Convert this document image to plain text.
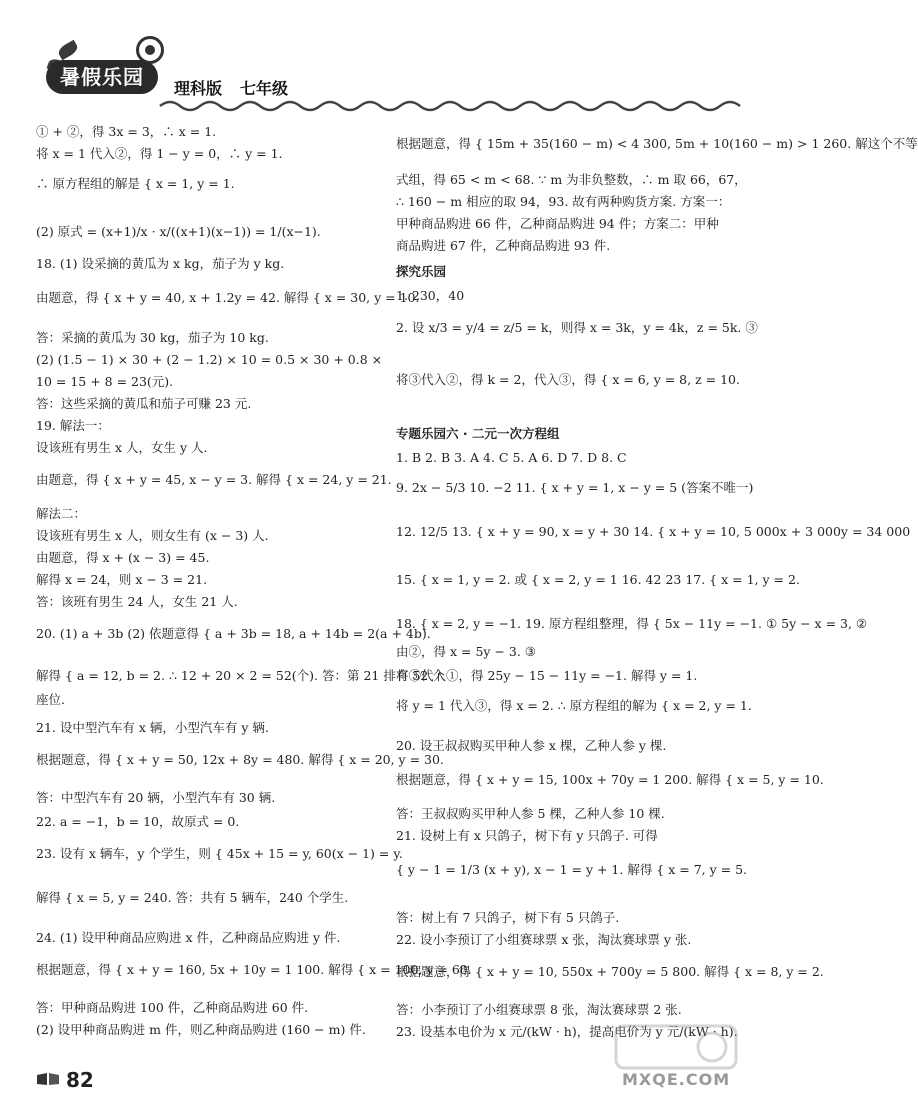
暑假乐园	理科版 七年级
① + ②，得 3x = 3，∴ x = 1.
将 x = 1 代入②，得 1 − y = 0，∴ y = 1.
∴ 原方程组的解是 { x = 1, y = 1.
(2) 原式 = (x+1)/x · x/((x+1)(x−1)) = 1/(x−1).
18. (1) 设采摘的黄瓜为 x kg，茄子为 y kg.
由题意，得 { x + y = 40, x + 1.2y = 42. 解得 { x = 30, y = 10.
答：采摘的黄瓜为 30 kg，茄子为 10 kg.
(2) (1.5 − 1) × 30 + (2 − 1.2) × 10 = 0.5 × 30 + 0.8 ×
10 = 15 + 8 = 23(元).
答：这些采摘的黄瓜和茄子可赚 23 元.
19. 解法一：
设该班有男生 x 人，女生 y 人.
由题意，得 { x + y = 45, x − y = 3. 解得 { x = 24, y = 21.
解法二：
设该班有男生 x 人，则女生有 (x − 3) 人.
由题意，得 x + (x − 3) = 45.
解得 x = 24，则 x − 3 = 21.
答：该班有男生 24 人，女生 21 人.
20. (1) a + 3b (2) 依题意得 { a + 3b = 18, a + 14b = 2(a + 4b).
解得 { a = 12, b = 2. ∴ 12 + 20 × 2 = 52(个). 答：第 21 排有 52 个
座位.
21. 设中型汽车有 x 辆，小型汽车有 y 辆.
根据题意，得 { x + y = 50, 12x + 8y = 480. 解得 { x = 20, y = 30.
答：中型汽车有 20 辆，小型汽车有 30 辆.
22. a = −1，b = 10，故原式 = 0.
23. 设有 x 辆车，y 个学生，则 { 45x + 15 = y, 60(x − 1) = y.
解得 { x = 5, y = 240. 答：共有 5 辆车，240 个学生.
24. (1) 设甲种商品应购进 x 件，乙种商品应购进 y 件.
根据题意，得 { x + y = 160, 5x + 10y = 1 100. 解得 { x = 100, y = 60.
答：甲种商品购进 100 件，乙种商品购进 60 件.
(2) 设甲种商品购进 m 件，则乙种商品购进 (160 − m) 件.
根据题意，得 { 15m + 35(160 − m) < 4 300, 5m + 10(160 − m) > 1 260. 解这个不等
式组，得 65 < m < 68. ∵ m 为非负整数，∴ m 取 66，67，
∴ 160 − m 相应的取 94，93. 故有两种购货方案. 方案一：
甲种商品购进 66 件，乙种商品购进 94 件；方案二：甲种
商品购进 67 件，乙种商品购进 93 件.
探究乐园
1. 230，40
2. 设 x/3 = y/4 = z/5 = k，则得 x = 3k，y = 4k，z = 5k. ③
将③代入②，得 k = 2，代入③，得 { x = 6, y = 8, z = 10.
专题乐园六 · 二元一次方程组
1. B 2. B 3. A 4. C 5. A 6. D 7. D 8. C
9. 2x − 5/3 10. −2 11. { x + y = 1, x − y = 5 (答案不唯一)
12. 12/5 13. { x + y = 90, x = y + 30 14. { x + y = 10, 5 000x + 3 000y = 34 000
15. { x = 1, y = 2. 或 { x = 2, y = 1 16. 42 23 17. { x = 1, y = 2.
18. { x = 2, y = −1. 19. 原方程组整理，得 { 5x − 11y = −1. ① 5y − x = 3, ②
由②，得 x = 5y − 3. ③
将③代入①，得 25y − 15 − 11y = −1. 解得 y = 1.
将 y = 1 代入③，得 x = 2. ∴ 原方程组的解为 { x = 2, y = 1.
20. 设王叔叔购买甲种人参 x 棵，乙种人参 y 棵.
根据题意，得 { x + y = 15, 100x + 70y = 1 200. 解得 { x = 5, y = 10.
答：王叔叔购买甲种人参 5 棵，乙种人参 10 棵.
21. 设树上有 x 只鸽子，树下有 y 只鸽子. 可得
{ y − 1 = 1/3 (x + y), x − 1 = y + 1. 解得 { x = 7, y = 5.
答：树上有 7 只鸽子，树下有 5 只鸽子.
22. 设小李预订了小组赛球票 x 张，淘汰赛球票 y 张.
根据题意，得 { x + y = 10, 550x + 700y = 5 800. 解得 { x = 8, y = 2.
答：小李预订了小组赛球票 8 张，淘汰赛球票 2 张.
23. 设基本电价为 x 元/(kW · h)，提高电价为 y 元/(kW · h).
82	MXQE.COM
